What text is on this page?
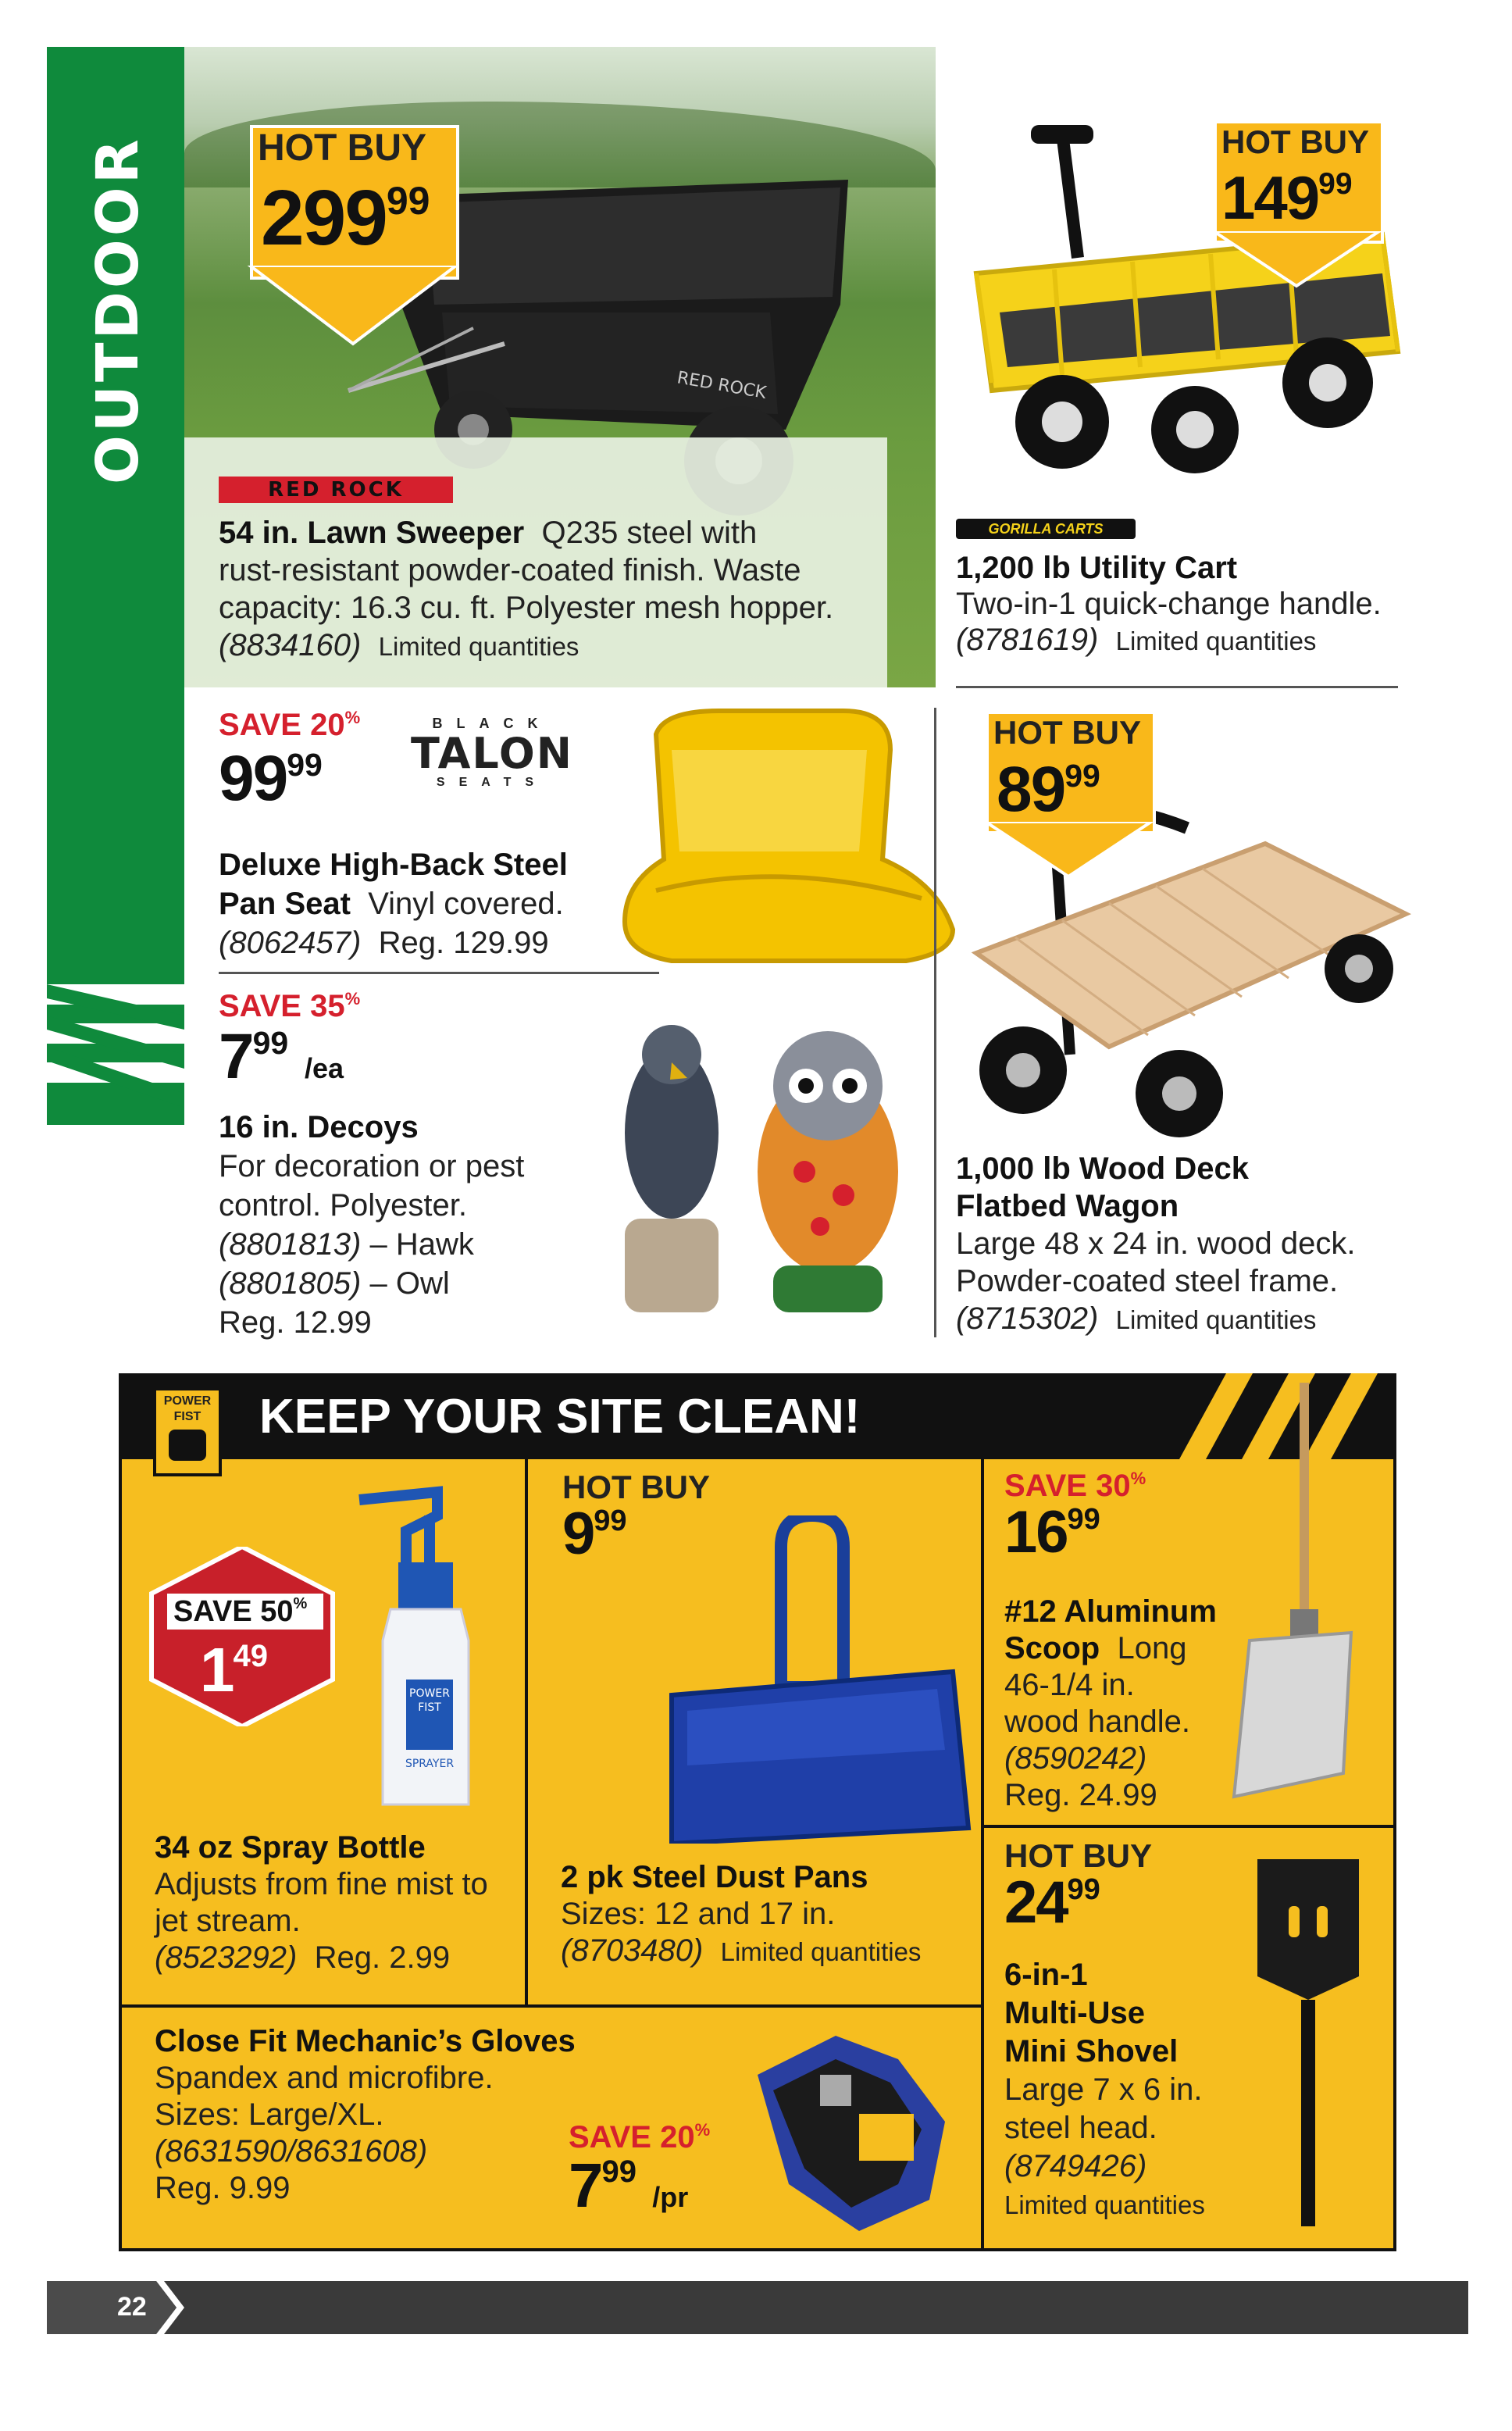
OUTDOOR	RED ROCK
HOT BUY
$299^{99}$
RED ROCK
54 in. Lawn Sweeper Q235 steel with
rust-resistant powder-coated finish. Waste
capacity: 16.3 cu. ft. Polyester mesh hopper.
(8834160) Limited quantities
HOT BUY
$149^{99}$
GORILLA CARTS
1,200 lb Utility Cart
Two-in-1 quick-change handle.
(8781619) Limited quantities
SAVE 20%
$99^{99}$
BLACK
TALON
SEATS
Deluxe High-Back Steel
Pan Seat Vinyl covered.
(8062457) Reg. 129.99
SAVE 35%
$7^{99}$ /ea
16 in. Decoys
For decoration or pest
control. Polyester.
(8801813) – Hawk
(8801805) – Owl
Reg. 12.99
HOT BUY
$89^{99}$
1,000 lb Wood Deck
Flatbed Wagon
Large 48 x 24 in. wood deck.
Powder-coated steel frame.
(8715302) Limited quantities
POWER
FIST	KEEP YOUR SITE CLEAN!
SAVE 50%
$1^{49}$
POWER
FIST
SPRAYER
34 oz Spray Bottle
Adjusts from fine mist to
jet stream.
(8523292) Reg. 2.99
HOT BUY
$9^{99}$
2 pk Steel Dust Pans
Sizes: 12 and 17 in.
(8703480) Limited quantities
SAVE 30%
$16^{99}$
#12 Aluminum
Scoop Long
46-1/4 in.
wood handle.
(8590242)
Reg. 24.99
HOT BUY
$24^{99}$
6-in-1
Multi-Use
Mini Shovel
Large 7 x 6 in.
steel head.
(8749426)
Limited quantities
Close Fit Mechanic’s Gloves
Spandex and microfibre.
Sizes: Large/XL.
(8631590/8631608)
Reg. 9.99
SAVE 20%
$7^{99}$ /pr
22
